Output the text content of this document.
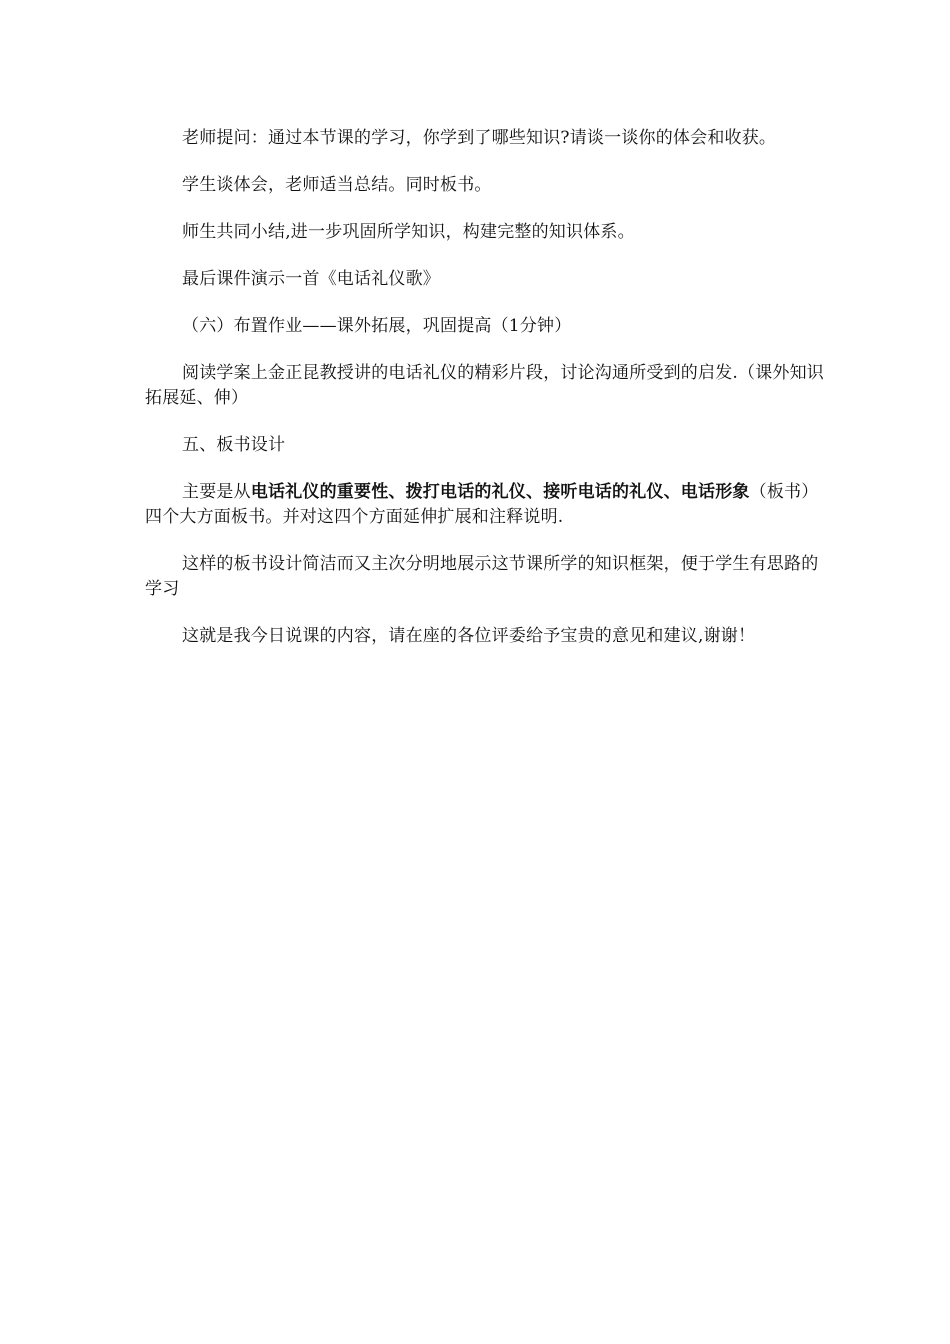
老师提问：通过本节课的学习，你学到了哪些知识?请谈一谈你的体会和收获。

学生谈体会，老师适当总结。同时板书。

师生共同小结,进一步巩固所学知识，构建完整的知识体系。

最后课件演示一首《电话礼仪歌》

（六）布置作业——课外拓展，巩固提高（1分钟）

阅读学案上金正昆教授讲的电话礼仪的精彩片段，讨论沟通所受到的启发.（课外知识拓展延、伸）

五、板书设计

主要是从电话礼仪的重要性、拨打电话的礼仪、接听电话的礼仪、电话形象（板书）四个大方面板书。并对这四个方面延伸扩展和注释说明.

这样的板书设计简洁而又主次分明地展示这节课所学的知识框架，便于学生有思路的学习

这就是我今日说课的内容，请在座的各位评委给予宝贵的意见和建议,谢谢！
